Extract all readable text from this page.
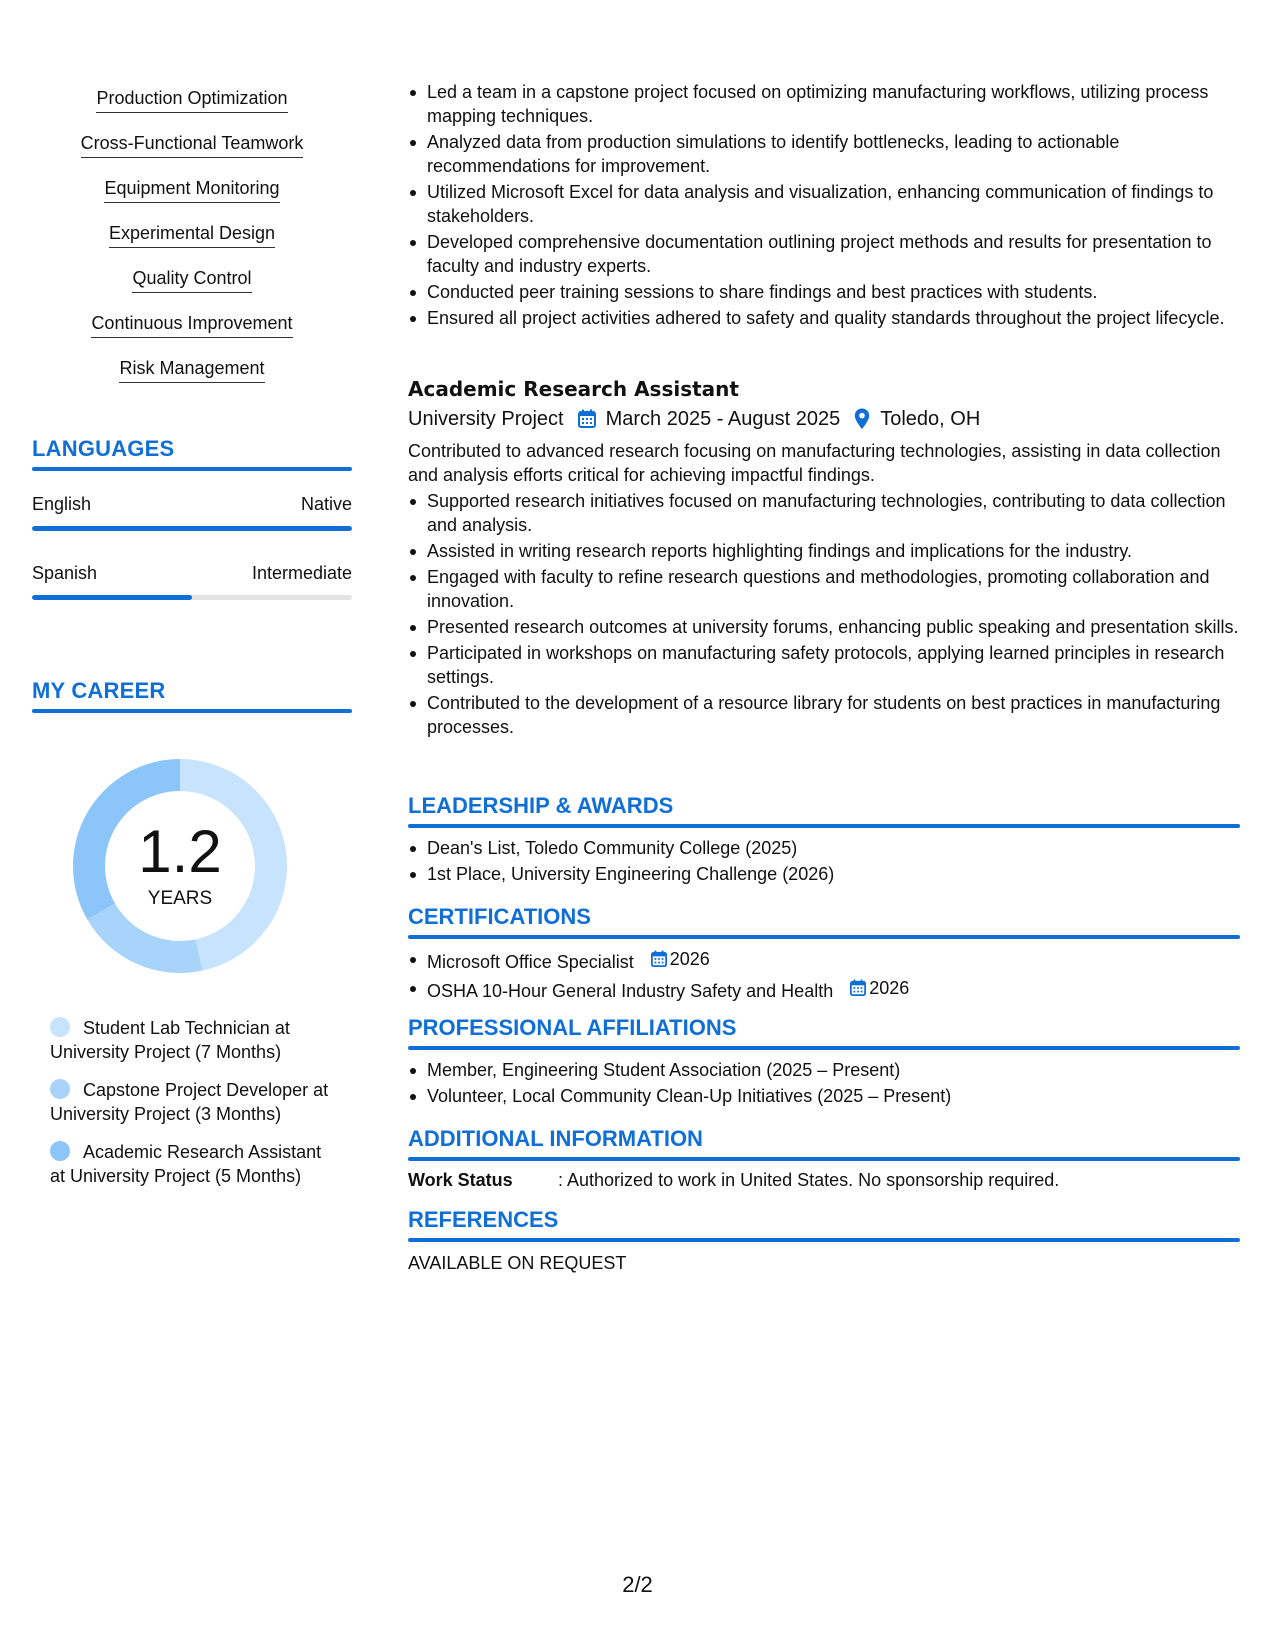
Production Optimization
Cross-Functional Teamwork
Equipment Monitoring
Experimental Design
Quality Control
Continuous Improvement
Risk Management
LANGUAGES
English	Native
Spanish	Intermediate
MY CAREER
1.2
YEARS
Student Lab Technician at University Project (7 Months)
Capstone Project Developer at University Project (3 Months)
Academic Research Assistant at University Project (5 Months)
Led a team in a capstone project focused on optimizing manufacturing workflows, utilizing process mapping techniques.
Analyzed data from production simulations to identify bottlenecks, leading to actionable recommendations for improvement.
Utilized Microsoft Excel for data analysis and visualization, enhancing communication of findings to stakeholders.
Developed comprehensive documentation outlining project methods and results for presentation to faculty and industry experts.
Conducted peer training sessions to share findings and best practices with students.
Ensured all project activities adhered to safety and quality standards throughout the project lifecycle.
Academic Research Assistant
University Project March 2025 - August 2025 Toledo, OH
Contributed to advanced research focusing on manufacturing technologies, assisting in data collection and analysis efforts critical for achieving impactful findings.
Supported research initiatives focused on manufacturing technologies, contributing to data collection and analysis.
Assisted in writing research reports highlighting findings and implications for the industry.
Engaged with faculty to refine research questions and methodologies, promoting collaboration and innovation.
Presented research outcomes at university forums, enhancing public speaking and presentation skills.
Participated in workshops on manufacturing safety protocols, applying learned principles in research settings.
Contributed to the development of a resource library for students on best practices in manufacturing processes.
LEADERSHIP & AWARDS
Dean's List, Toledo Community College (2025)
1st Place, University Engineering Challenge (2026)
CERTIFICATIONS
Microsoft Office Specialist 2026
OSHA 10-Hour General Industry Safety and Health 2026
PROFESSIONAL AFFILIATIONS
Member, Engineering Student Association (2025 – Present)
Volunteer, Local Community Clean-Up Initiatives (2025 – Present)
ADDITIONAL INFORMATION
Work Status	: Authorized to work in United States. No sponsorship required.
REFERENCES
AVAILABLE ON REQUEST
2/2
